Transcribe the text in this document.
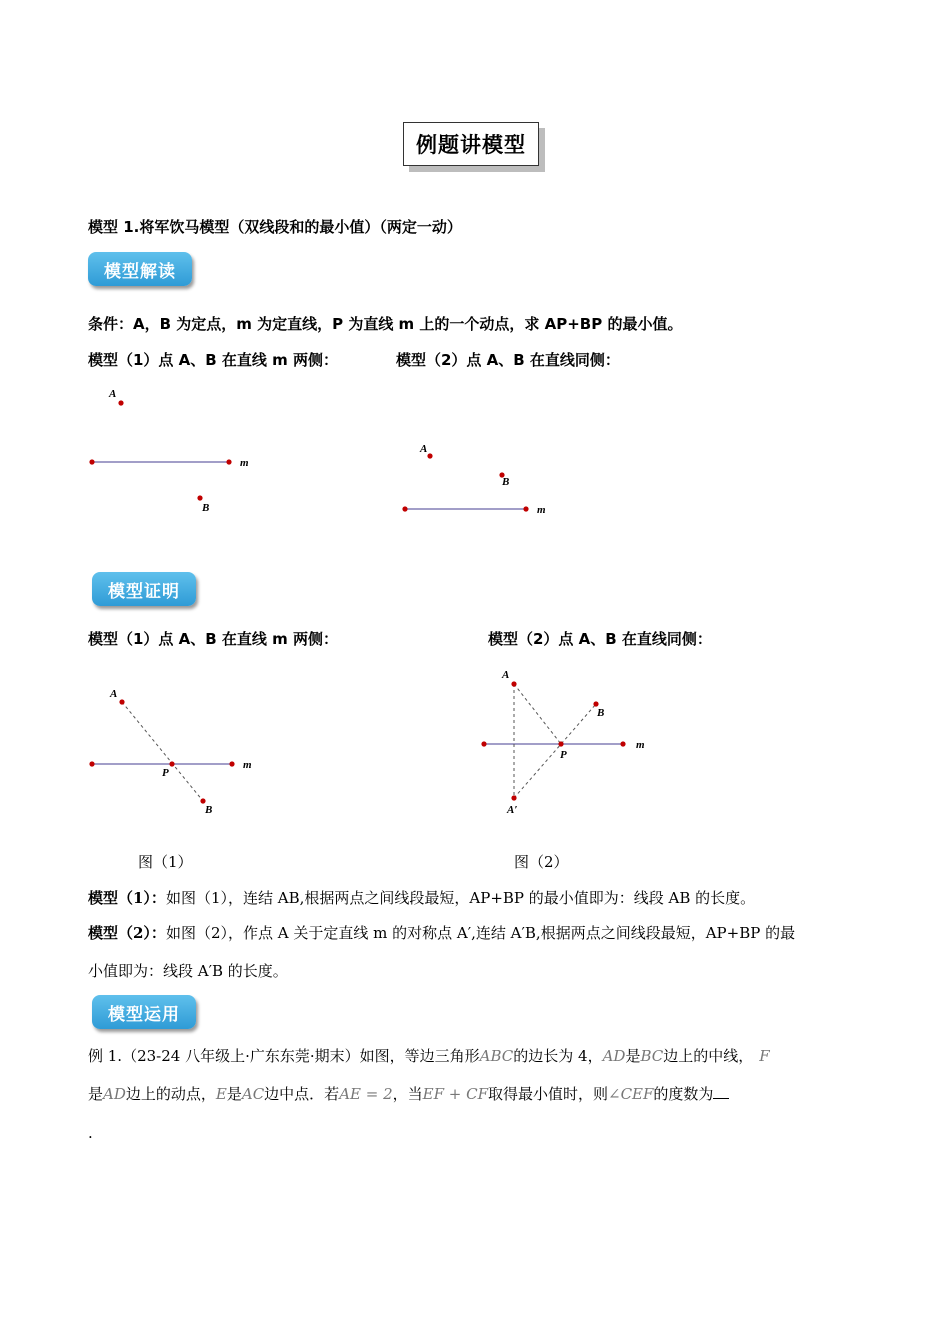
例题讲模型
模型 1.将军饮马模型（双线段和的最小值）（两定一动）
模型解读
条件：A，B 为定点，m 为定直线，P 为直线 m 上的一个动点，求 AP+BP 的最小值。
模型（1）点 A、B 在直线 m 两侧：	模型（2）点 A、B 在直线同侧：
m
A
B	m
A
B
模型证明
模型（1）点 A、B 在直线 m 两侧：	模型（2）点 A、B 在直线同侧：
A
m
P
B
A
B
m
P
A′
图（1）	图（2）
模型（1）：如图（1），连结 AB,根据两点之间线段最短，AP+BP 的最小值即为：线段 AB 的长度。
模型（2）：如图（2），作点 A 关于定直线 m 的对称点 A′,连结 A′B,根据两点之间线段最短，AP+BP 的最
小值即为：线段 A′B 的长度。
模型运用
例 1.（23-24 八年级上·广东东莞·期末）如图，等边三角形ABC的边长为 4，AD是BC边上的中线， F
是AD边上的动点，E是AC边中点．若AE = 2，当EF + CF取得最小值时，则∠CEF的度数为
.
